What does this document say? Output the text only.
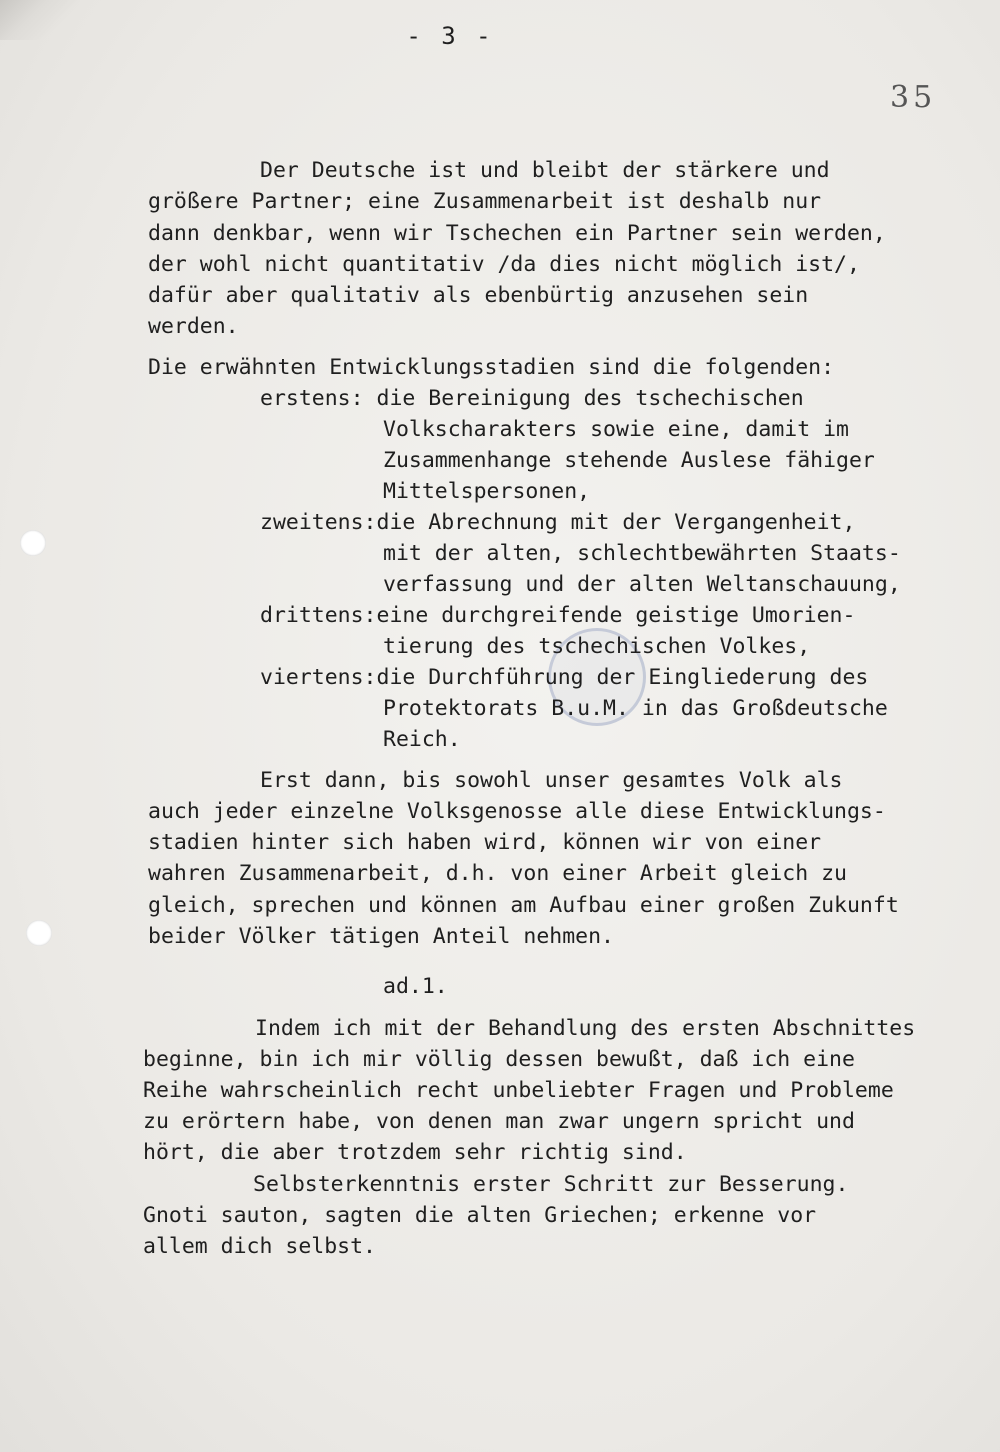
- 3 -
35
Der Deutsche ist und bleibt der stärkere und
größere Partner; eine Zusammenarbeit ist deshalb nur
dann denkbar, wenn wir Tschechen ein Partner sein werden,
der wohl nicht quantitativ /da dies nicht möglich ist/,
dafür aber qualitativ als ebenbürtig anzusehen sein
werden.
Die erwähnten Entwicklungsstadien sind die folgenden:
erstens: die Bereinigung des tschechischen
Volkscharakters sowie eine, damit im
Zusammenhange stehende Auslese fähiger
Mittelspersonen,
zweitens:die Abrechnung mit der Vergangenheit,
mit der alten, schlechtbewährten Staats-
verfassung und der alten Weltanschauung,
drittens:eine durchgreifende geistige Umorien-
tierung des tschechischen Volkes,
viertens:die Durchführung der Eingliederung des
Protektorats B.u.M. in das Großdeutsche
Reich.
Erst dann, bis sowohl unser gesamtes Volk als
auch jeder einzelne Volksgenosse alle diese Entwicklungs-
stadien hinter sich haben wird, können wir von einer
wahren Zusammenarbeit, d.h. von einer Arbeit gleich zu
gleich, sprechen und können am Aufbau einer großen Zukunft
beider Völker tätigen Anteil nehmen.
ad.1.
Indem ich mit der Behandlung des ersten Abschnittes
beginne, bin ich mir völlig dessen bewußt, daß ich eine
Reihe wahrscheinlich recht unbeliebter Fragen und Probleme
zu erörtern habe, von denen man zwar ungern spricht und
hört, die aber trotzdem sehr richtig sind.
Selbsterkenntnis erster Schritt zur Besserung.
Gnoti sauton, sagten die alten Griechen; erkenne vor
allem dich selbst.
